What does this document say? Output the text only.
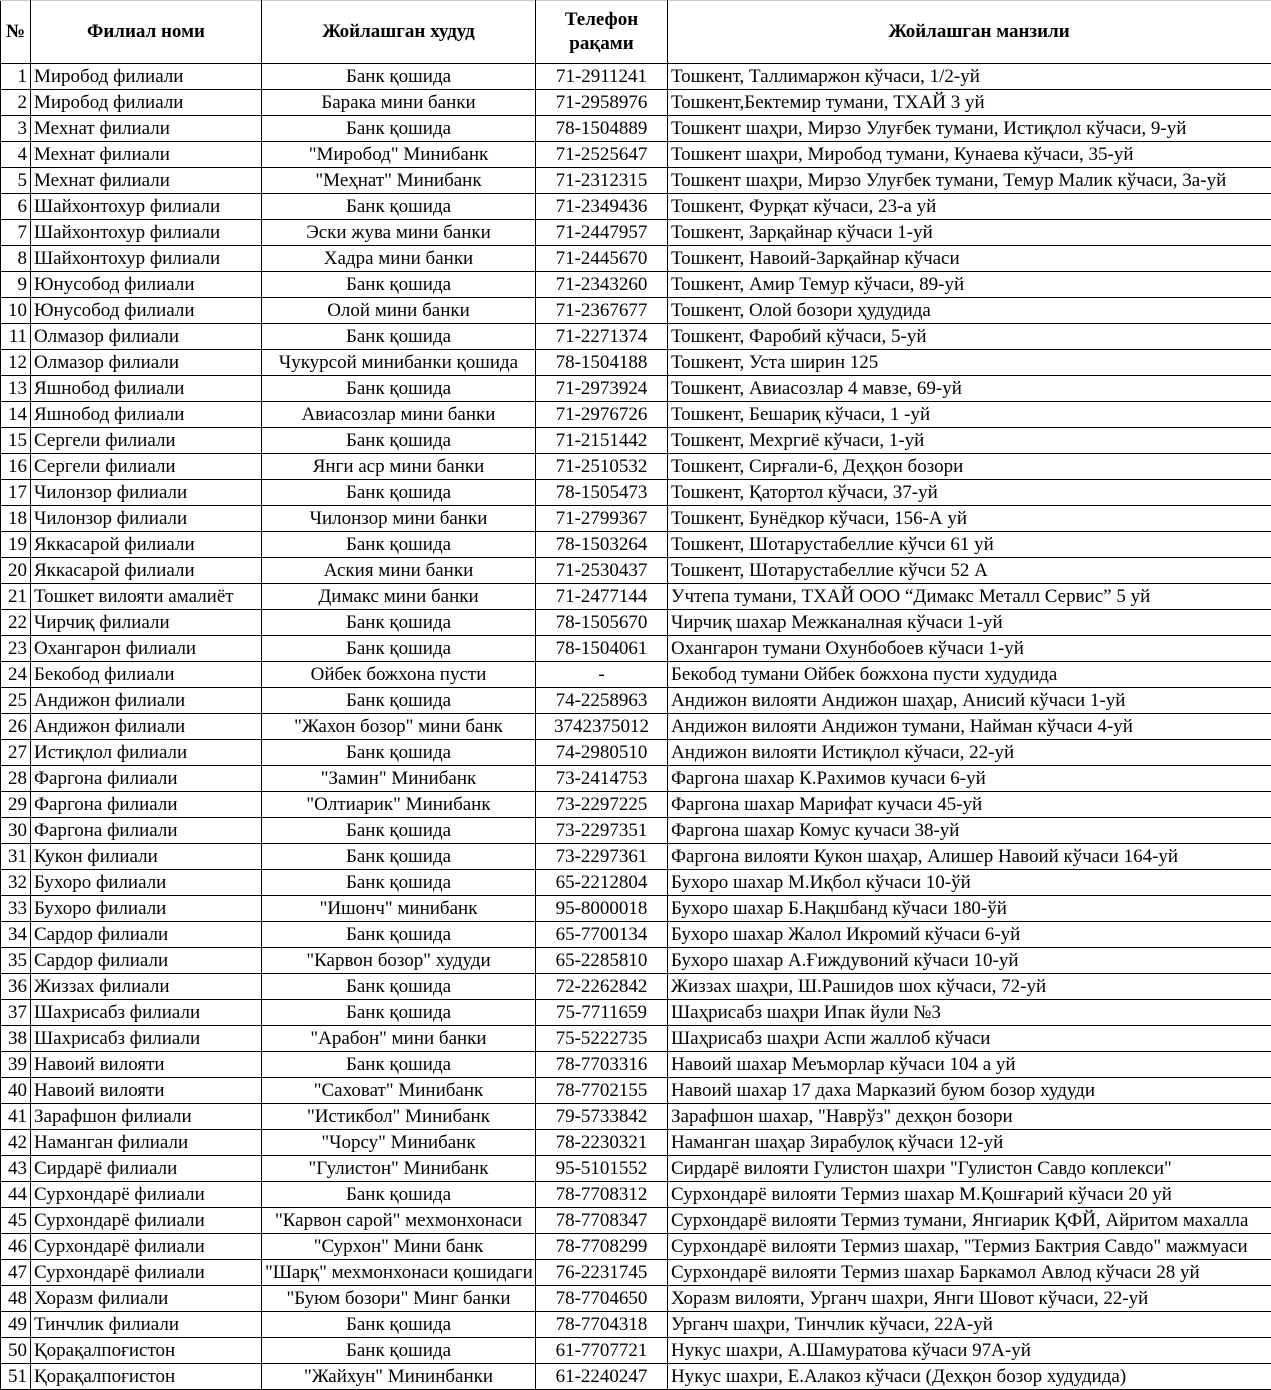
№	Филиал номи	Жойлашган худуд	Телефон рақами	Жойлашган манзили
1	Миробод филиали	Банк қошида	71-2911241	Тошкент, Таллимаржон кўчаси, 1/2-уй
2	Миробод филиали	Барака мини банки	71-2958976	Тошкент,Бектемир тумани, ТХАЙ 3 уй
3	Мехнат филиали	Банк қошида	78-1504889	Тошкент шаҳри, Мирзо Улуғбек тумани, Истиқлол кўчаси, 9-уй
4	Мехнат филиали	"Миробод" Минибанк	71-2525647	Тошкент шаҳри, Миробод тумани, Кунаева кўчаси, 35-уй
5	Мехнат филиали	"Меҳнат" Минибанк	71-2312315	Тошкент шаҳри, Мирзо Улуғбек тумани, Темур Малик кўчаси, 3а-уй
6	Шайхонтохур филиали	Банк қошида	71-2349436	Тошкент, Фурқат кўчаси, 23-а уй
7	Шайхонтохур филиали	Эски жува мини банки	71-2447957	Тошкент, Зарқайнар кўчаси 1-уй
8	Шайхонтохур филиали	Хадра мини банки	71-2445670	Тошкент, Навоий-Зарқайнар кўчаси
9	Юнусобод филиали	Банк қошида	71-2343260	Тошкент, Амир Темур кўчаси, 89-уй
10	Юнусобод филиали	Олой мини банки	71-2367677	Тошкент, Олой бозори ҳудудида
11	Олмазор филиали	Банк қошида	71-2271374	Тошкент, Фаробий кўчаси, 5-уй
12	Олмазор филиали	Чукурсой минибанки қошида	78-1504188	Тошкент, Уста ширин 125
13	Яшнобод филиали	Банк қошида	71-2973924	Тошкент, Авиасозлар 4 мавзе, 69-уй
14	Яшнобод филиали	Авиасозлар мини банки	71-2976726	Тошкент, Бешариқ кўчаси, 1 -уй
15	Сергели филиали	Банк қошида	71-2151442	Тошкент, Мехргиё кўчаси, 1-уй
16	Сергели филиали	Янги аср мини банки	71-2510532	Тошкент, Сирғали-6, Деҳқон бозори
17	Чилонзор филиали	Банк қошида	78-1505473	Тошкент, Қатортол кўчаси, 37-уй
18	Чилонзор филиали	Чилонзор мини банки	71-2799367	Тошкент, Бунёдкор кўчаси, 156-А уй
19	Яккасарой филиали	Банк қошида	78-1503264	Тошкент, Шотарустабеллие кўчси 61 уй
20	Яккасарой филиали	Аския мини банки	71-2530437	Тошкент, Шотарустабеллие кўчси 52 А
21	Тошкет вилояти амалиёт	Димакс мини банки	71-2477144	Учтепа тумани, ТХАЙ ООО “Димакс Металл Сервис” 5 уй
22	Чирчиқ филиали	Банк қошида	78-1505670	Чирчиқ шахар Межканалная кўчаси 1-уй
23	Охангарон филиали	Банк қошида	78-1504061	Охангарон тумани Охунбобоев кўчаси 1-уй
24	Бекобод филиали	Ойбек божхона пусти	-	Бекобод тумани Ойбек божхона пусти худудида
25	Андижон филиали	Банк қошида	74-2258963	Андижон вилояти Андижон шаҳар, Анисий кўчаси 1-уй
26	Андижон филиали	"Жахон бозор" мини банк	3742375012	Андижон вилояти Андижон тумани, Найман кўчаси 4-уй
27	Истиқлол филиали	Банк қошида	74-2980510	Андижон вилояти Истиқлол кўчаси, 22-уй
28	Фаргона филиали	"Замин" Минибанк	73-2414753	Фаргона шахар К.Рахимов кучаси 6-уй
29	Фаргона филиали	"Олтиарик" Минибанк	73-2297225	Фаргона шахар Марифат кучаси 45-уй
30	Фаргона филиали	Банк қошида	73-2297351	Фаргона шахар Комус кучаси 38-уй
31	Кукон филиали	Банк қошида	73-2297361	Фаргона вилояти Кукон шаҳар, Алишер Навоий кўчаси 164-уй
32	Бухоро филиали	Банк қошида	65-2212804	Бухоро шахар М.Иқбол кўчаси 10-ўй
33	Бухоро филиали	"Ишонч" минибанк	95-8000018	Бухоро шахар Б.Нақшбанд кўчаси 180-ўй
34	Сардор филиали	Банк қошида	65-7700134	Бухоро шахар Жалол Икромий кўчаси 6-уй
35	Сардор филиали	"Карвон бозор" худуди	65-2285810	Бухоро шахар А.Ғиждувоний кўчаси 10-уй
36	Жиззах филиали	Банк қошида	72-2262842	Жиззах шаҳри, Ш.Рашидов шох кўчаси, 72-уй
37	Шахрисабз филиали	Банк қошида	75-7711659	Шаҳрисабз шаҳри Ипак йули №3
38	Шахрисабз филиали	"Арабон" мини банки	75-5222735	Шаҳрисабз шаҳри Аспи жаллоб кўчаси
39	Навоий вилояти	Банк қошида	78-7703316	Навоий шахар Меъморлар кўчаси 104 а уй
40	Навоий вилояти	"Саховат" Минибанк	78-7702155	Навоий шахар 17 даха Марказий буюм бозор худуди
41	Зарафшон филиали	"Истикбол" Минибанк	79-5733842	Зарафшон шахар, "Наврўз" дехқон бозори
42	Наманган филиали	"Чорсу" Минибанк	78-2230321	Наманган шаҳар Зирабулоқ кўчаси 12-уй
43	Сирдарё филиали	"Гулистон" Минибанк	95-5101552	Сирдарё вилояти Гулистон шахри "Гулистон Савдо коплекси"
44	Сурхондарё филиали	Банк қошида	78-7708312	Сурхондарё вилояти Термиз шахар М.Қошғарий кўчаси 20 уй
45	Сурхондарё филиали	"Карвон сарой" мехмонхонаси	78-7708347	Сурхондарё вилояти Термиз тумани, Янгиарик ҚФЙ, Айритом махалла
46	Сурхондарё филиали	"Сурхон" Мини банк	78-7708299	Сурхондарё вилояти Термиз шахар, "Термиз Бактрия Савдо" мажмуаси
47	Сурхондарё филиали	"Шарқ" мехмонхонаси қошидаги	76-2231745	Сурхондарё вилояти Термиз шахар Баркамол Авлод кўчаси 28 уй
48	Хоразм филиали	"Буюм бозори" Минг банки	78-7704650	Хоразм вилояти, Урганч шахри, Янги Шовот кўчаси, 22-уй
49	Тинчлик филиали	Банк қошида	78-7704318	Урганч шаҳри, Тинчлик кўчаси, 22А-уй
50	Қорақалпоғистон	Банк қошида	61-7707721	Нукус шахри, А.Шамуратова кўчаси 97А-уй
51	Қорақалпоғистон	"Жайхун" Мининбанки	61-2240247	Нукус шахри, Е.Алакоз кўчаси (Дехқон бозор худудида)
